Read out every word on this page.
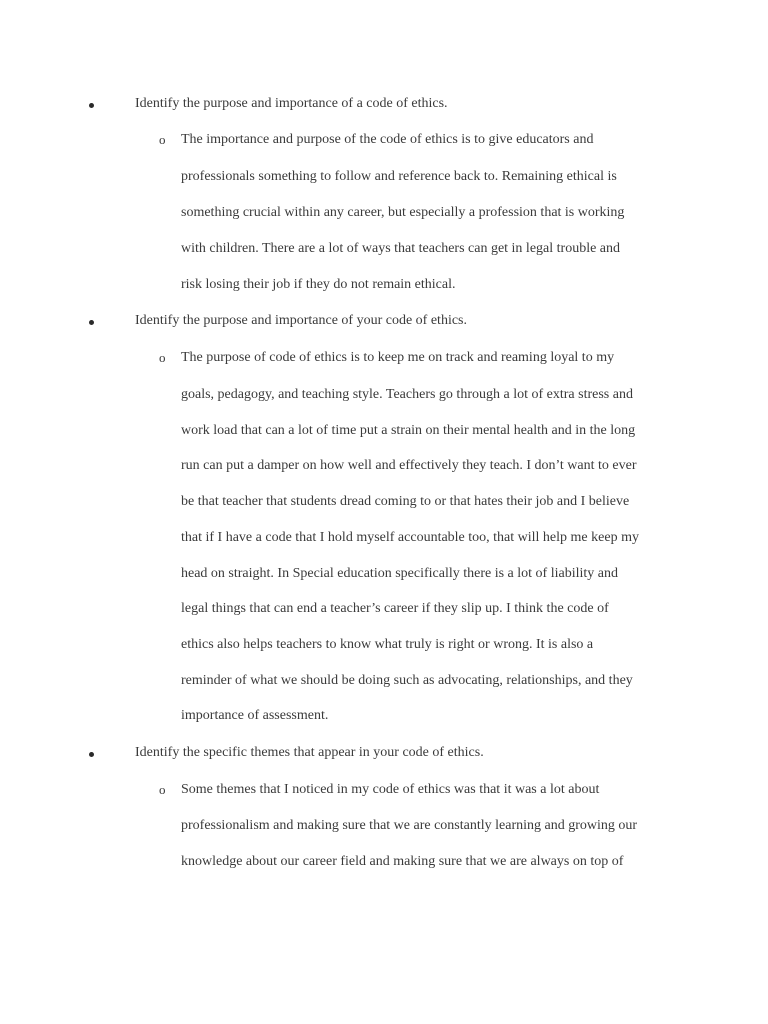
Identify the purpose and importance of a code of ethics.
o The importance and purpose of the code of ethics is to give educators and
professionals something to follow and reference back to. Remaining ethical is
something crucial within any career, but especially a profession that is working
with children. There are a lot of ways that teachers can get in legal trouble and
risk losing their job if they do not remain ethical.
Identify the purpose and importance of your code of ethics.
o The purpose of code of ethics is to keep me on track and reaming loyal to my
goals, pedagogy, and teaching style. Teachers go through a lot of extra stress and
work load that can a lot of time put a strain on their mental health and in the long
run can put a damper on how well and effectively they teach. I don’t want to ever
be that teacher that students dread coming to or that hates their job and I believe
that if I have a code that I hold myself accountable too, that will help me keep my
head on straight. In Special education specifically there is a lot of liability and
legal things that can end a teacher’s career if they slip up. I think the code of
ethics also helps teachers to know what truly is right or wrong. It is also a
reminder of what we should be doing such as advocating, relationships, and they
importance of assessment.
Identify the specific themes that appear in your code of ethics.
o Some themes that I noticed in my code of ethics was that it was a lot about
professionalism and making sure that we are constantly learning and growing our
knowledge about our career field and making sure that we are always on top of
